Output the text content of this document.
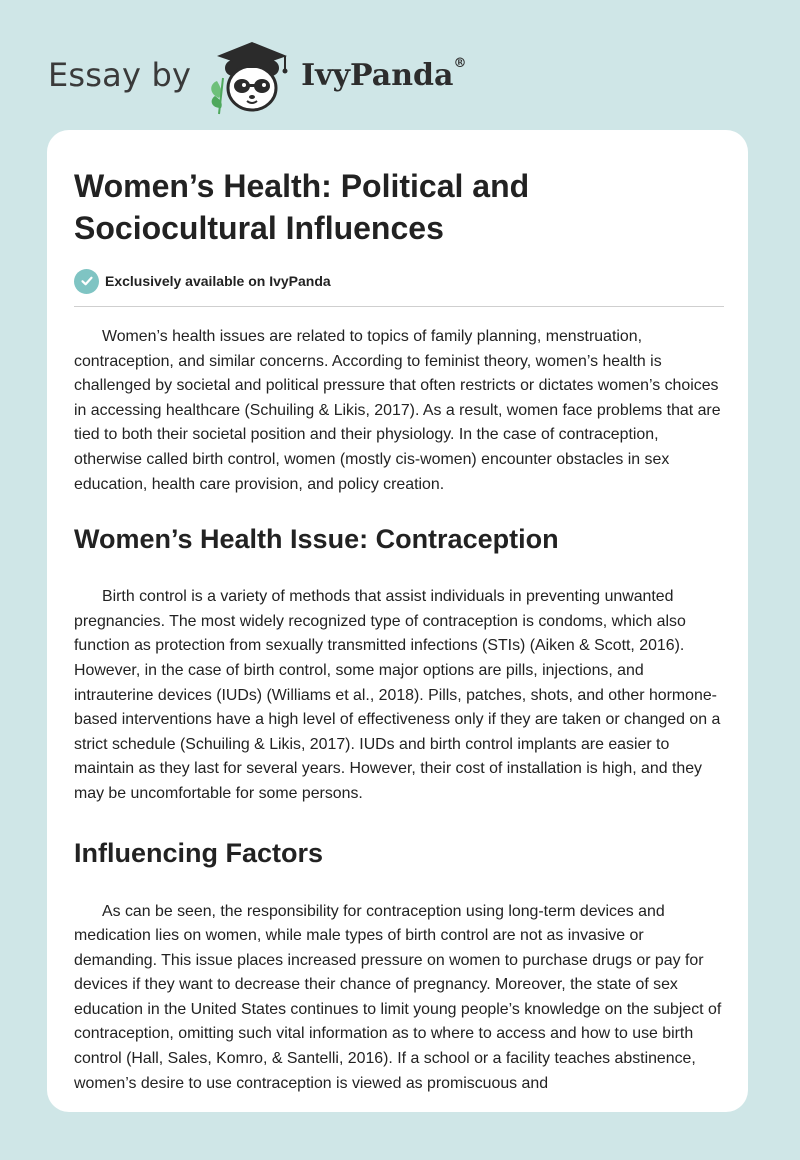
Essay by	IvyPanda®
Women’s Health: Political and Sociocultural Influences
Exclusively available on IvyPanda

Women’s health issues are related to topics of family planning, menstruation, contraception, and similar concerns. According to feminist theory, women’s health is challenged by societal and political pressure that often restricts or dictates women’s choices in accessing healthcare (Schuiling & Likis, 2017). As a result, women face problems that are tied to both their societal position and their physiology. In the case of contraception, otherwise called birth control, women (mostly cis-women) encounter obstacles in sex education, health care provision, and policy creation.

Women’s Health Issue: Contraception

Birth control is a variety of methods that assist individuals in preventing unwanted pregnancies. The most widely recognized type of contraception is condoms, which also function as protection from sexually transmitted infections (STIs) (Aiken & Scott, 2016). However, in the case of birth control, some major options are pills, injections, and intrauterine devices (IUDs) (Williams et al., 2018). Pills, patches, shots, and other hormone-based interventions have a high level of effectiveness only if they are taken or changed on a strict schedule (Schuiling & Likis, 2017). IUDs and birth control implants are easier to maintain as they last for several years. However, their cost of installation is high, and they may be uncomfortable for some persons.

Influencing Factors

As can be seen, the responsibility for contraception using long-term devices and medication lies on women, while male types of birth control are not as invasive or demanding. This issue places increased pressure on women to purchase drugs or pay for devices if they want to decrease their chance of pregnancy. Moreover, the state of sex education in the United States continues to limit young people’s knowledge on the subject of contraception, omitting such vital information as to where to access and how to use birth control (Hall, Sales, Komro, & Santelli, 2016). If a school or a facility teaches abstinence, women’s desire to use contraception is viewed as promiscuous and
